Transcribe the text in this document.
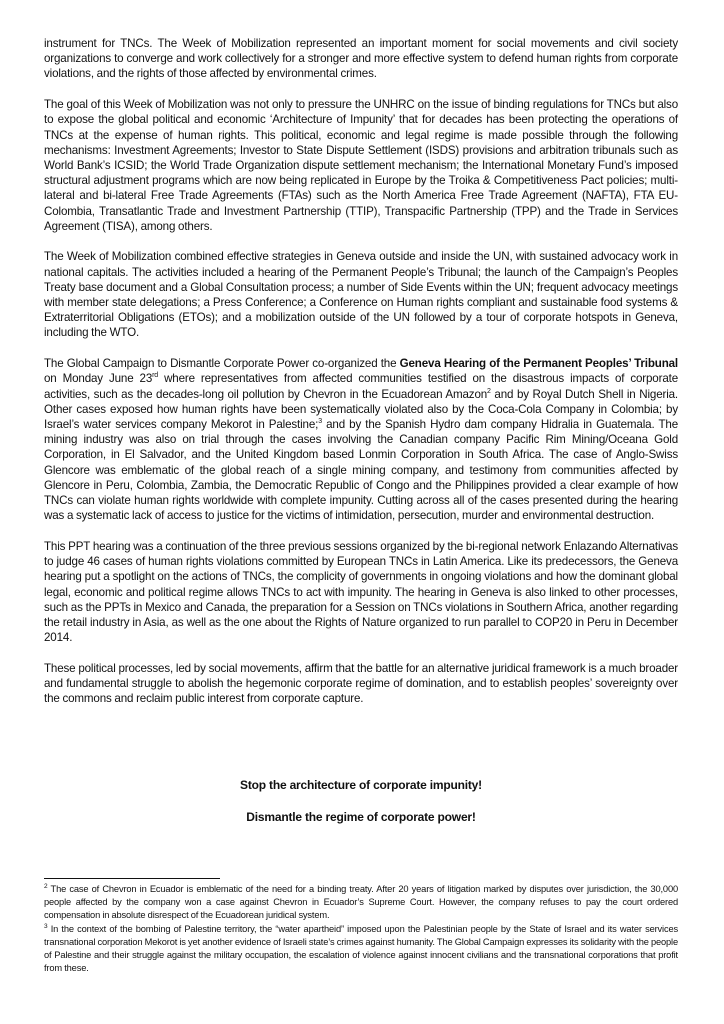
instrument for TNCs. The Week of Mobilization represented an important moment for social movements and civil society organizations to converge and work collectively for a stronger and more effective system to defend human rights from corporate violations, and the rights of those affected by environmental crimes.

The goal of this Week of Mobilization was not only to pressure the UNHRC on the issue of binding regulations for TNCs but also to expose the global political and economic ‘Architecture of Impunity’ that for decades has been protecting the operations of TNCs at the expense of human rights. This political, economic and legal regime is made possible through the following mechanisms: Investment Agreements; Investor to State Dispute Settlement (ISDS) provisions and arbitration tribunals such as World Bank’s ICSID; the World Trade Organization dispute settlement mechanism; the International Monetary Fund’s imposed structural adjustment programs which are now being replicated in Europe by the Troika & Competitiveness Pact policies; multi-lateral and bi-lateral Free Trade Agreements (FTAs) such as the North America Free Trade Agreement (NAFTA), FTA EU-Colombia, Transatlantic Trade and Investment Partnership (TTIP), Transpacific Partnership (TPP) and the Trade in Services Agreement (TISA), among others.

The Week of Mobilization combined effective strategies in Geneva outside and inside the UN, with sustained advocacy work in national capitals. The activities included a hearing of the Permanent People’s Tribunal; the launch of the Campaign’s Peoples Treaty base document and a Global Consultation process; a number of Side Events within the UN; frequent advocacy meetings with member state delegations; a Press Conference; a Conference on Human rights compliant and sustainable food systems & Extraterritorial Obligations (ETOs); and a mobilization outside of the UN followed by a tour of corporate hotspots in Geneva, including the WTO.

The Global Campaign to Dismantle Corporate Power co-organized the Geneva Hearing of the Permanent Peoples’ Tribunal on Monday June 23rd where representatives from affected communities testified on the disastrous impacts of corporate activities, such as the decades-long oil pollution by Chevron in the Ecuadorean Amazon$^2$ and by Royal Dutch Shell in Nigeria. Other cases exposed how human rights have been systematically violated also by the Coca-Cola Company in Colombia; by Israel’s water services company Mekorot in Palestine;$^3$ and by the Spanish Hydro dam company Hidralia in Guatemala. The mining industry was also on trial through the cases involving the Canadian company Pacific Rim Mining/Oceana Gold Corporation, in El Salvador, and the United Kingdom based Lonmin Corporation in South Africa. The case of Anglo-Swiss Glencore was emblematic of the global reach of a single mining company, and testimony from communities affected by Glencore in Peru, Colombia, Zambia, the Democratic Republic of Congo and the Philippines provided a clear example of how TNCs can violate human rights worldwide with complete impunity. Cutting across all of the cases presented during the hearing was a systematic lack of access to justice for the victims of intimidation, persecution, murder and environmental destruction.

This PPT hearing was a continuation of the three previous sessions organized by the bi-regional network Enlazando Alternativas to judge 46 cases of human rights violations committed by European TNCs in Latin America. Like its predecessors, the Geneva hearing put a spotlight on the actions of TNCs, the complicity of governments in ongoing violations and how the dominant global legal, economic and political regime allows TNCs to act with impunity. The hearing in Geneva is also linked to other processes, such as the PPTs in Mexico and Canada, the preparation for a Session on TNCs violations in Southern Africa, another regarding the retail industry in Asia, as well as the one about the Rights of Nature organized to run parallel to COP20 in Peru in December 2014.

These political processes, led by social movements, affirm that the battle for an alternative juridical framework is a much broader and fundamental struggle to abolish the hegemonic corporate regime of domination, and to establish peoples’ sovereignty over the commons and reclaim public interest from corporate capture.

Stop the architecture of corporate impunity!

Dismantle the regime of corporate power!

$^2$ The case of Chevron in Ecuador is emblematic of the need for a binding treaty. After 20 years of litigation marked by disputes over jurisdiction, the 30,000 people affected by the company won a case against Chevron in Ecuador’s Supreme Court. However, the company refuses to pay the court ordered compensation in absolute disrespect of the Ecuadorean juridical system.

$^3$ In the context of the bombing of Palestine territory, the “water apartheid” imposed upon the Palestinian people by the State of Israel and its water services transnational corporation Mekorot is yet another evidence of Israeli state’s crimes against humanity. The Global Campaign expresses its solidarity with the people of Palestine and their struggle against the military occupation, the escalation of violence against innocent civilians and the transnational corporations that profit from these.
